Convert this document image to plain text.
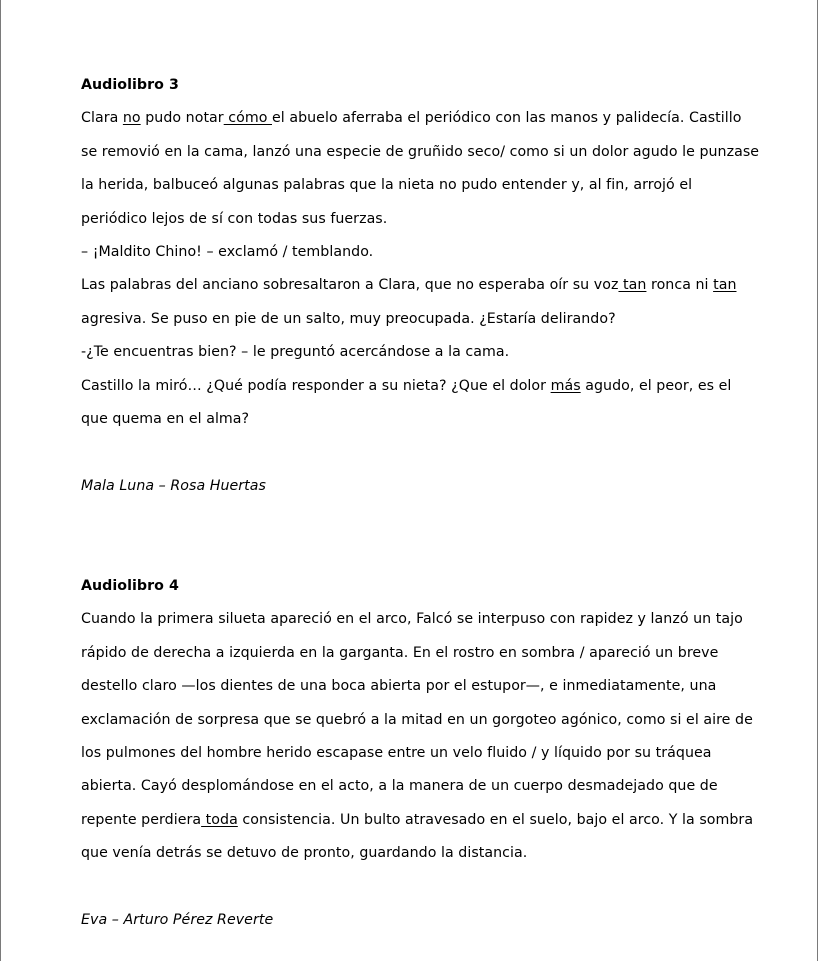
Audiolibro 3

Clara no pudo notar cómo el abuelo aferraba el periódico con las manos y palidecía. Castillo se removió en la cama, lanzó una especie de gruñido seco/ como si un dolor agudo le punzase la herida, balbuceó algunas palabras que la nieta no pudo entender y, al fin, arrojó el periódico lejos de sí con todas sus fuerzas.

– ¡Maldito Chino! – exclamó / temblando.

Las palabras del anciano sobresaltaron a Clara, que no esperaba oír su voz tan ronca ni tan agresiva. Se puso en pie de un salto, muy preocupada. ¿Estaría delirando?

-¿Te encuentras bien? – le preguntó acercándose a la cama.

Castillo la miró… ¿Qué podía responder a su nieta? ¿Que el dolor más agudo, el peor, es el que quema en el alma?

Mala Luna – Rosa Huertas

Audiolibro 4

Cuando la primera silueta apareció en el arco, Falcó se interpuso con rapidez y lanzó un tajo rápido de derecha a izquierda en la garganta. En el rostro en sombra / apareció un breve destello claro —los dientes de una boca abierta por el estupor—, e inmediatamente, una exclamación de sorpresa que se quebró a la mitad en un gorgoteo agónico, como si el aire de los pulmones del hombre herido escapase entre un velo fluido / y líquido por su tráquea abierta. Cayó desplomándose en el acto, a la manera de un cuerpo desmadejado que de repente perdiera toda consistencia. Un bulto atravesado en el suelo, bajo el arco. Y la sombra que venía detrás se detuvo de pronto, guardando la distancia.

Eva – Arturo Pérez Reverte
